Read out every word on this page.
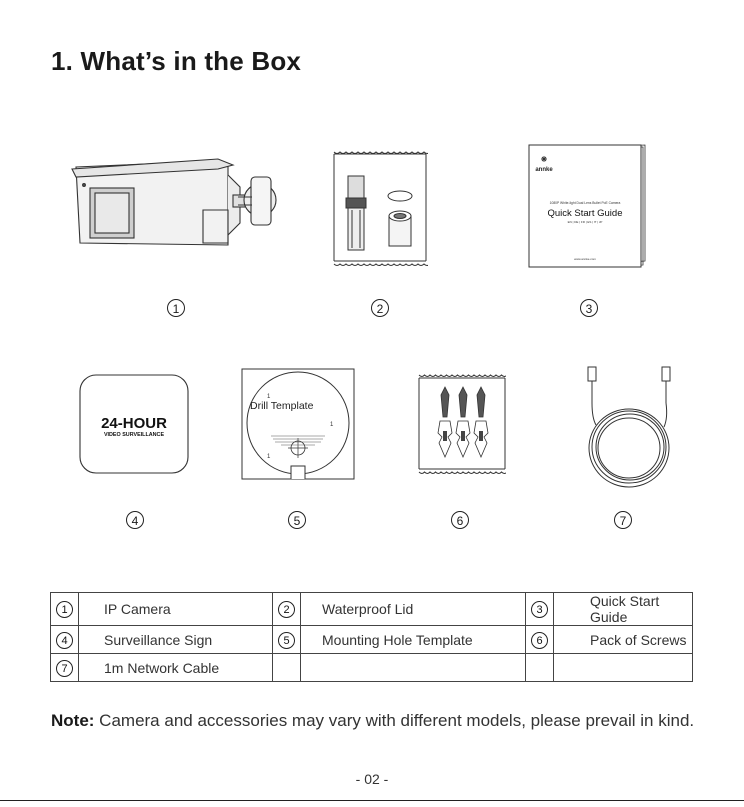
1. What’s in the Box
annke
1080P White-light Dual Lens Bullet PoE Camera
Quick Start Guide
EN | DE | FR | ES | IT | JP
www.annke.com
24-HOUR
VIDEO SURVEILLANCE
1
Drill Template
1
1
1	2	3
4	5	6	7
1	IP Camera	2	Waterproof Lid	3	Quick Start Guide
4	Surveillance Sign	5	Mounting Hole Template	6	Pack of Screws
7	1m Network Cable				
Note: Camera and accessories may vary with different models, please prevail in kind.
- 02 -
